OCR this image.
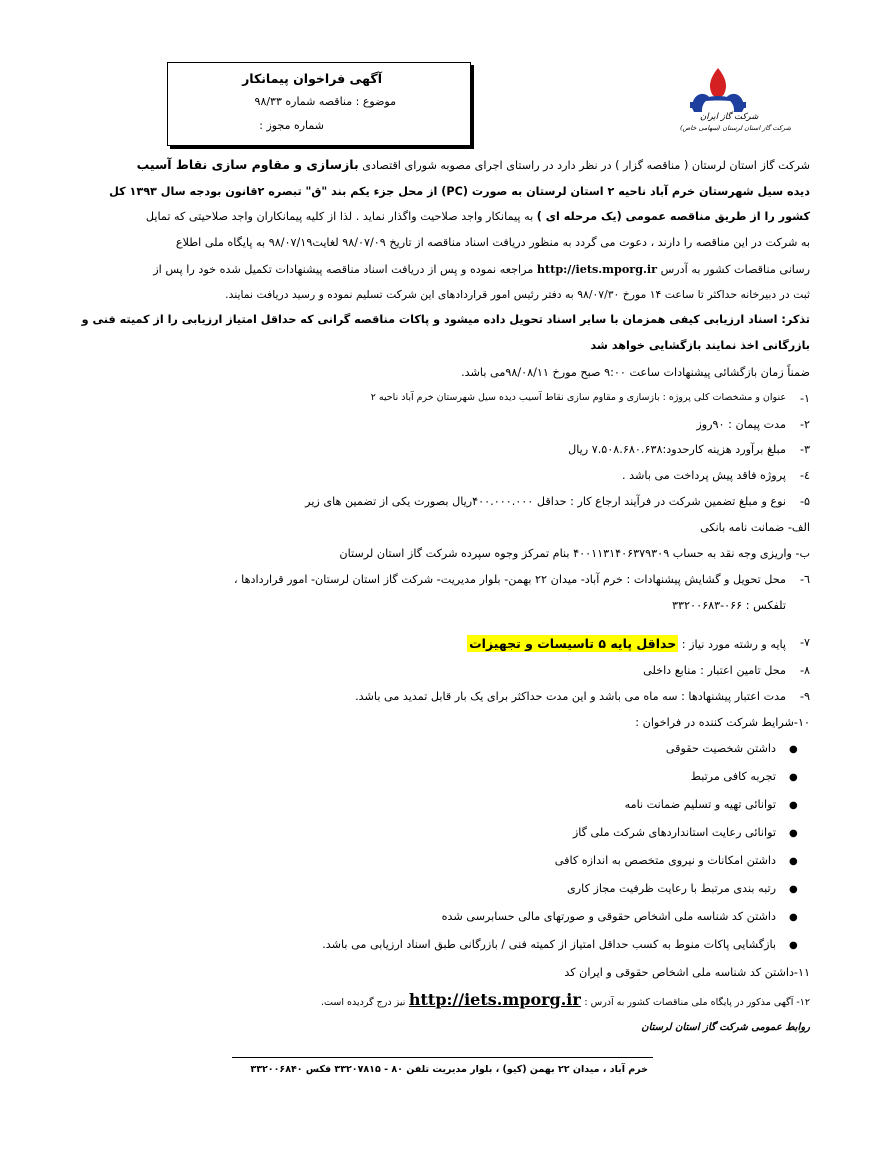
آگهی فراخوان پیمانکار
موضوع : مناقصه شماره ۹۸/۳۳
شماره مجوز :
شرکت گاز ایران
شرکت گاز استان لرستان (سهامی خاص)
شرکت گاز استان لرستان ( مناقصه گزار ) در نظر دارد در راستای اجرای مصوبه شورای اقتصادی بازسازی و مقاوم سازی نقاط آسیب
دیده سیل شهرستان خرم آباد ناحیه ۲ استان لرستان به صورت (PC) از محل جزء یکم بند "ق" تبصره ۲قانون بودجه سال ۱۳۹۳ کل
کشور را از طریق مناقصه عمومی (یک مرحله ای ) به پیمانکار واجد صلاحیت واگذار نماید . لذا از کلیه پیمانکاران واجد صلاحیتی که تمایل
به شرکت در این مناقصه را دارند ، دعوت می گردد به منظور دریافت اسناد مناقصه از تاریخ ۹۸/۰۷/۰۹ لغایت۹۸/۰۷/۱۹ به پایگاه ملی اطلاع
رسانی مناقصات کشور به آدرس http://iets.mporg.ir مراجعه نموده و پس از دریافت اسناد مناقصه پیشنهادات تکمیل شده خود را پس از
ثبت در دبیرخانه حداکثر تا ساعت ۱۴ مورخ ۹۸/۰۷/۳۰ به دفتر رئیس امور قراردادهای این شرکت تسلیم نموده و رسید دریافت نمایند.
تذکر: اسناد ارزیابی کیفی همزمان با سایر اسناد تحویل داده میشود و پاکات مناقصه گرانی که حداقل امتیاز ارزیابی را از کمیته فنی و
بازرگانی اخذ نمایند بازگشایی خواهد شد
ضمناً زمان بازگشائی پیشنهادات ساعت ۹:۰۰ صبح مورخ ۹۸/۰۸/۱۱می باشد.
۱-
عنوان و مشخصات کلی پروژه : بازسازی و مقاوم سازی نقاط آسیب دیده سیل شهرستان خرم آباد ناحیه ۲
۲-
مدت پیمان : ۹۰روز
۳-
مبلغ برآورد هزینه کارحدود:۷.۵۰۸.۶۸۰.۶۳۸ ریال
٤-
پروژه فاقد پیش پرداخت می باشد .
۵-
نوع و مبلغ تضمین شرکت در فرآیند ارجاع کار : حداقل ۴۰۰.۰۰۰.۰۰۰ریال بصورت یکی از تضمین های زیر
الف- ضمانت نامه بانکی
ب- واریزی وجه نقد به حساب ۴۰۰۱۱۳۱۴۰۶۳۷۹۳۰۹ بنام تمرکز وجوه سپرده شرکت گاز استان لرستان
٦-
محل تحویل و گشایش پیشنهادات : خرم آباد- میدان ۲۲ بهمن- بلوار مدیریت- شرکت گاز استان لرستان- امور قراردادها ،
تلفکس : ۰۶۶-۳۳۲۰۰۶۸۳
۷-
پایه و رشته مورد نیاز : حداقل پایه ۵ تاسیسات و تجهیزات
۸-
محل تامین اعتبار : منابع داخلی
۹-
مدت اعتبار پیشنهادها : سه ماه می باشد و این مدت حداکثر برای یک بار قابل تمدید می باشد.
۱۰-شرایط شرکت کننده در فراخوان :
●
داشتن شخصیت حقوقی
●
تجربه کافی مرتبط
●
توانائی تهیه و تسلیم ضمانت نامه
●
توانائی رعایت استانداردهای شرکت ملی گاز
●
داشتن امکانات و نیروی متخصص به اندازه کافی
●
رتبه بندی مرتبط با رعایت ظرفیت مجاز کاری
●
داشتن کد شناسه ملی اشخاص حقوقی و صورتهای مالی حسابرسی شده
●
بازگشایی پاکات منوط به کسب حداقل امتیاز از کمیته فنی / بازرگانی طبق اسناد ارزیابی می باشد.
۱۱-داشتن کد شناسه ملی اشخاص حقوقی و ایران کد
۱۲- آگهی مذکور در پایگاه ملی مناقصات کشور به آدرس : http://iets.mporg.ir نیز درج گردیده است.
روابط عمومی شرکت گاز استان لرستان
خرم آباد ، میدان ۲۲ بهمن (کیو) ، بلوار مدیریت تلفن ۸۰ - ۳۳۲۰۷۸۱۵ فکس ۳۳۲۰۰۶۸۴۰
